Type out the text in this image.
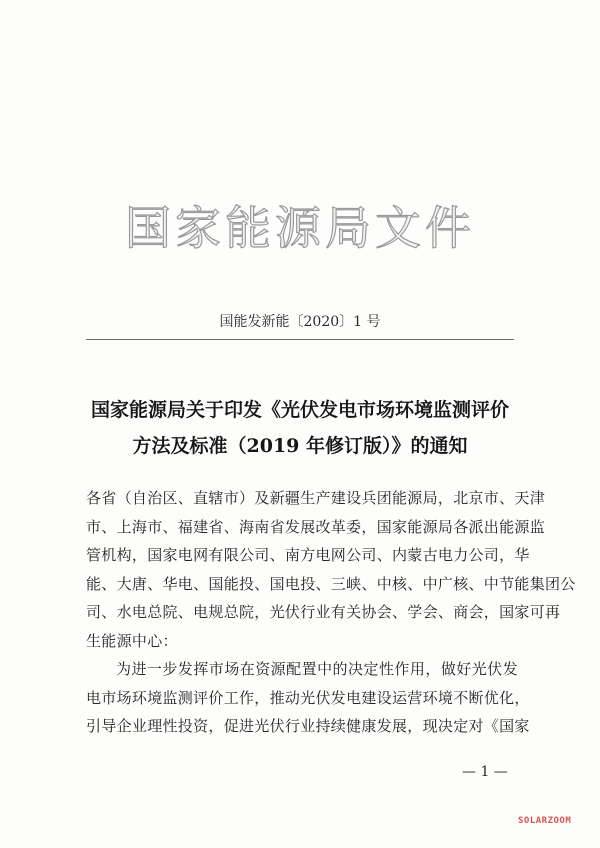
国家能源局文件
国能发新能〔2020〕1 号
国家能源局关于印发《光伏发电市场环境监测评价
方法及标准（2019 年修订版）》的通知
各省（自治区、直辖市）及新疆生产建设兵团能源局，北京市、天津
市、上海市、福建省、海南省发展改革委，国家能源局各派出能源监
管机构，国家电网有限公司、南方电网公司、内蒙古电力公司，华
能、大唐、华电、国能投、国电投、三峡、中核、中广核、中节能集团公
司、水电总院、电规总院，光伏行业有关协会、学会、商会，国家可再
生能源中心：
为进一步发挥市场在资源配置中的决定性作用，做好光伏发
电市场环境监测评价工作，推动光伏发电建设运营环境不断优化，
引导企业理性投资，促进光伏行业持续健康发展，现决定对《国家
— 1 —
SOLARZOOM
